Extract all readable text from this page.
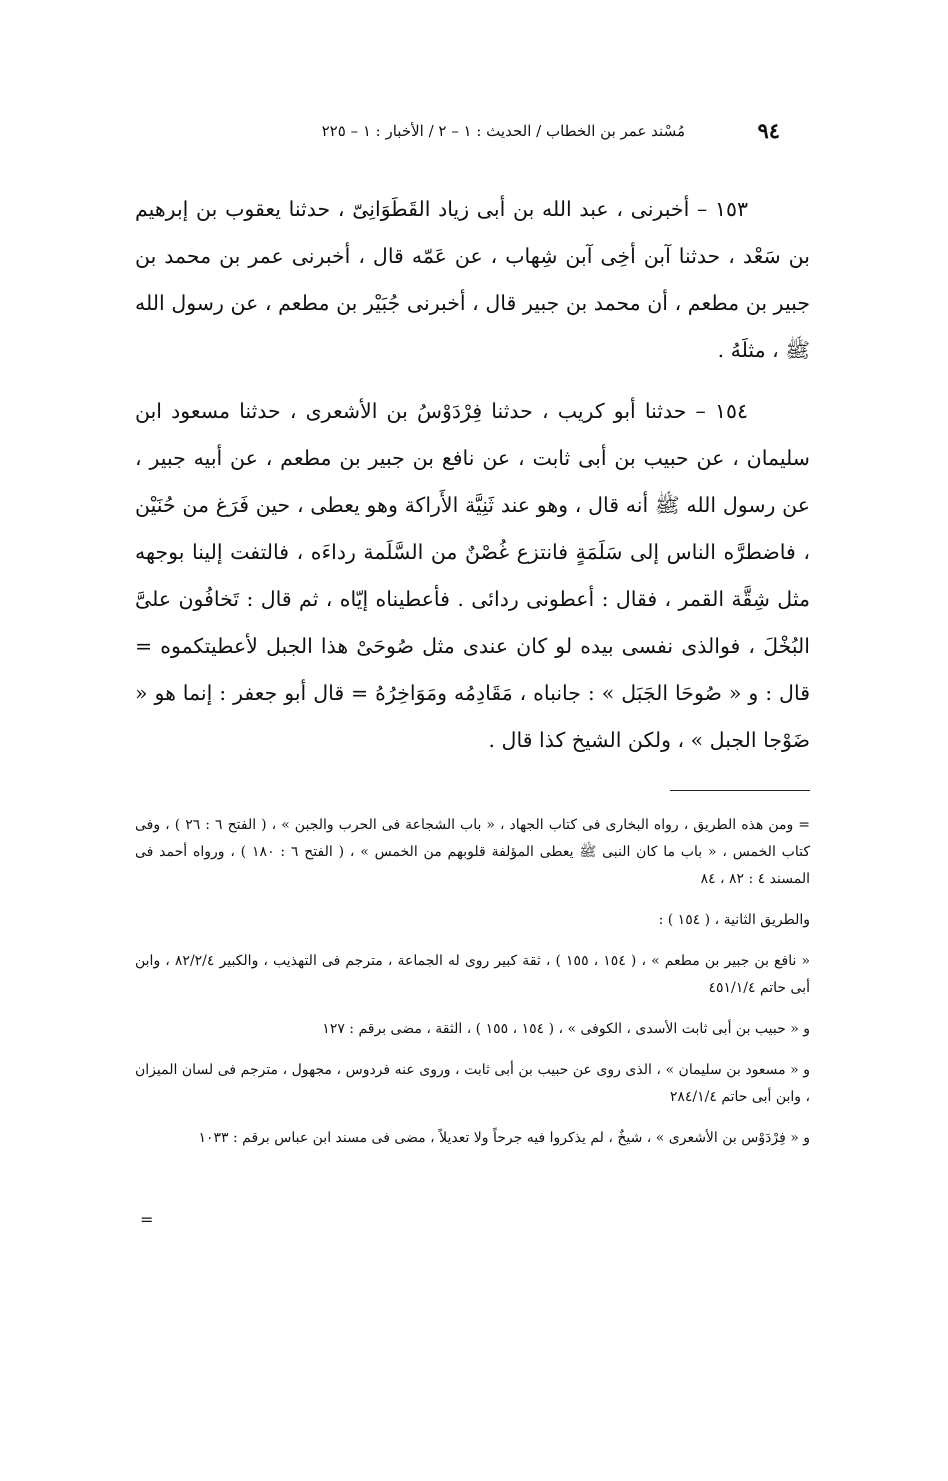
٩٤
مُسْند عمر بن الخطاب / الحديث : ١ – ٢ / الأخبار : ١ – ٢٢٥

١٥٣ – أخبرنى ، عبد الله بن أبى زياد القَطَوَانِىّ ، حدثنا يعقوب بن إبرهيم بن سَعْد ، حدثنا آبن أخِى آبن شِهاب ، عن عَمّه قال ، أخبرنى عمر بن محمد بن جبير بن مطعم ، أن محمد بن جبير قال ، أخبرنى جُبَيْر بن مطعم ، عن رسول الله ﷺ ، مثلَهُ .

١٥٤ – حدثنا أبو كريب ، حدثنا فِرْدَوْسُ بن الأشعرى ، حدثنا مسعود ابن سليمان ، عن حبيب بن أبى ثابت ، عن نافع بن جبير بن مطعم ، عن أبيه جبير ، عن رسول الله ﷺ أنه قال ، وهو عند ثَنِيَّة الأَراكة وهو يعطى ، حين فَرَغ من حُنَيْن ، فاضطرَّه الناس إلى سَلَمَةٍ فانتزع غُصْنٌ من السَّلَمة رداءَه ، فالتفت إلينا بوجهه مثل شِقَّة القمر ، فقال : أعطونى ردائى . فأعطيناه إيّاه ، ثم قال : تَخافُون علىَّ البُخْلَ ، فوالذى نفسى بيده لو كان عندى مثل صُوحَىْ هذا الجبل لأعطيتكموه = قال : و « صُوحَا الجَبَل » : جانباه ، مَقَادِمُه ومَوَاخِرُهُ = قال أبو جعفر : إنما هو « ضَوْجا الجبل » ، ولكن الشيخ كذا قال .

= ومن هذه الطريق ، رواه البخارى فى كتاب الجهاد ، « باب الشجاعة فى الحرب والجبن » ، ( الفتح ٦ : ٢٦ ) ، وفى كتاب الخمس ، « باب ما كان النبى ﷺ يعطى المؤلفة قلوبهم من الخمس » ، ( الفتح ٦ : ١٨٠ ) ، ورواه أحمد فى المسند ٤ : ٨٢ ، ٨٤

والطريق الثانية ، ( ١٥٤ ) :

« نافع بن جبير بن مطعم » ، ( ١٥٤ ، ١٥٥ ) ، ثقة كبير روى له الجماعة ، مترجم فى التهذيب ، والكبير ٨٢/٢/٤ ، وابن أبى حاتم ٤٥١/١/٤

و « حبيب بن أبى ثابت الأسدى ، الكوفى » ، ( ١٥٤ ، ١٥٥ ) ، الثقة ، مضى برقم : ١٢٧

و « مسعود بن سليمان » ، الذى روى عن حبيب بن أبى ثابت ، وروى عنه فردوس ، مجهول ، مترجم فى لسان الميزان ، وابن أبى حاتم ٢٨٤/١/٤

و « فِرْدَوْس بن الأشعرى » ، شيخٌ ، لم يذكروا فيه جرحاً ولا تعديلاً ، مضى فى مسند ابن عباس برقم : ١٠٣٣

=
